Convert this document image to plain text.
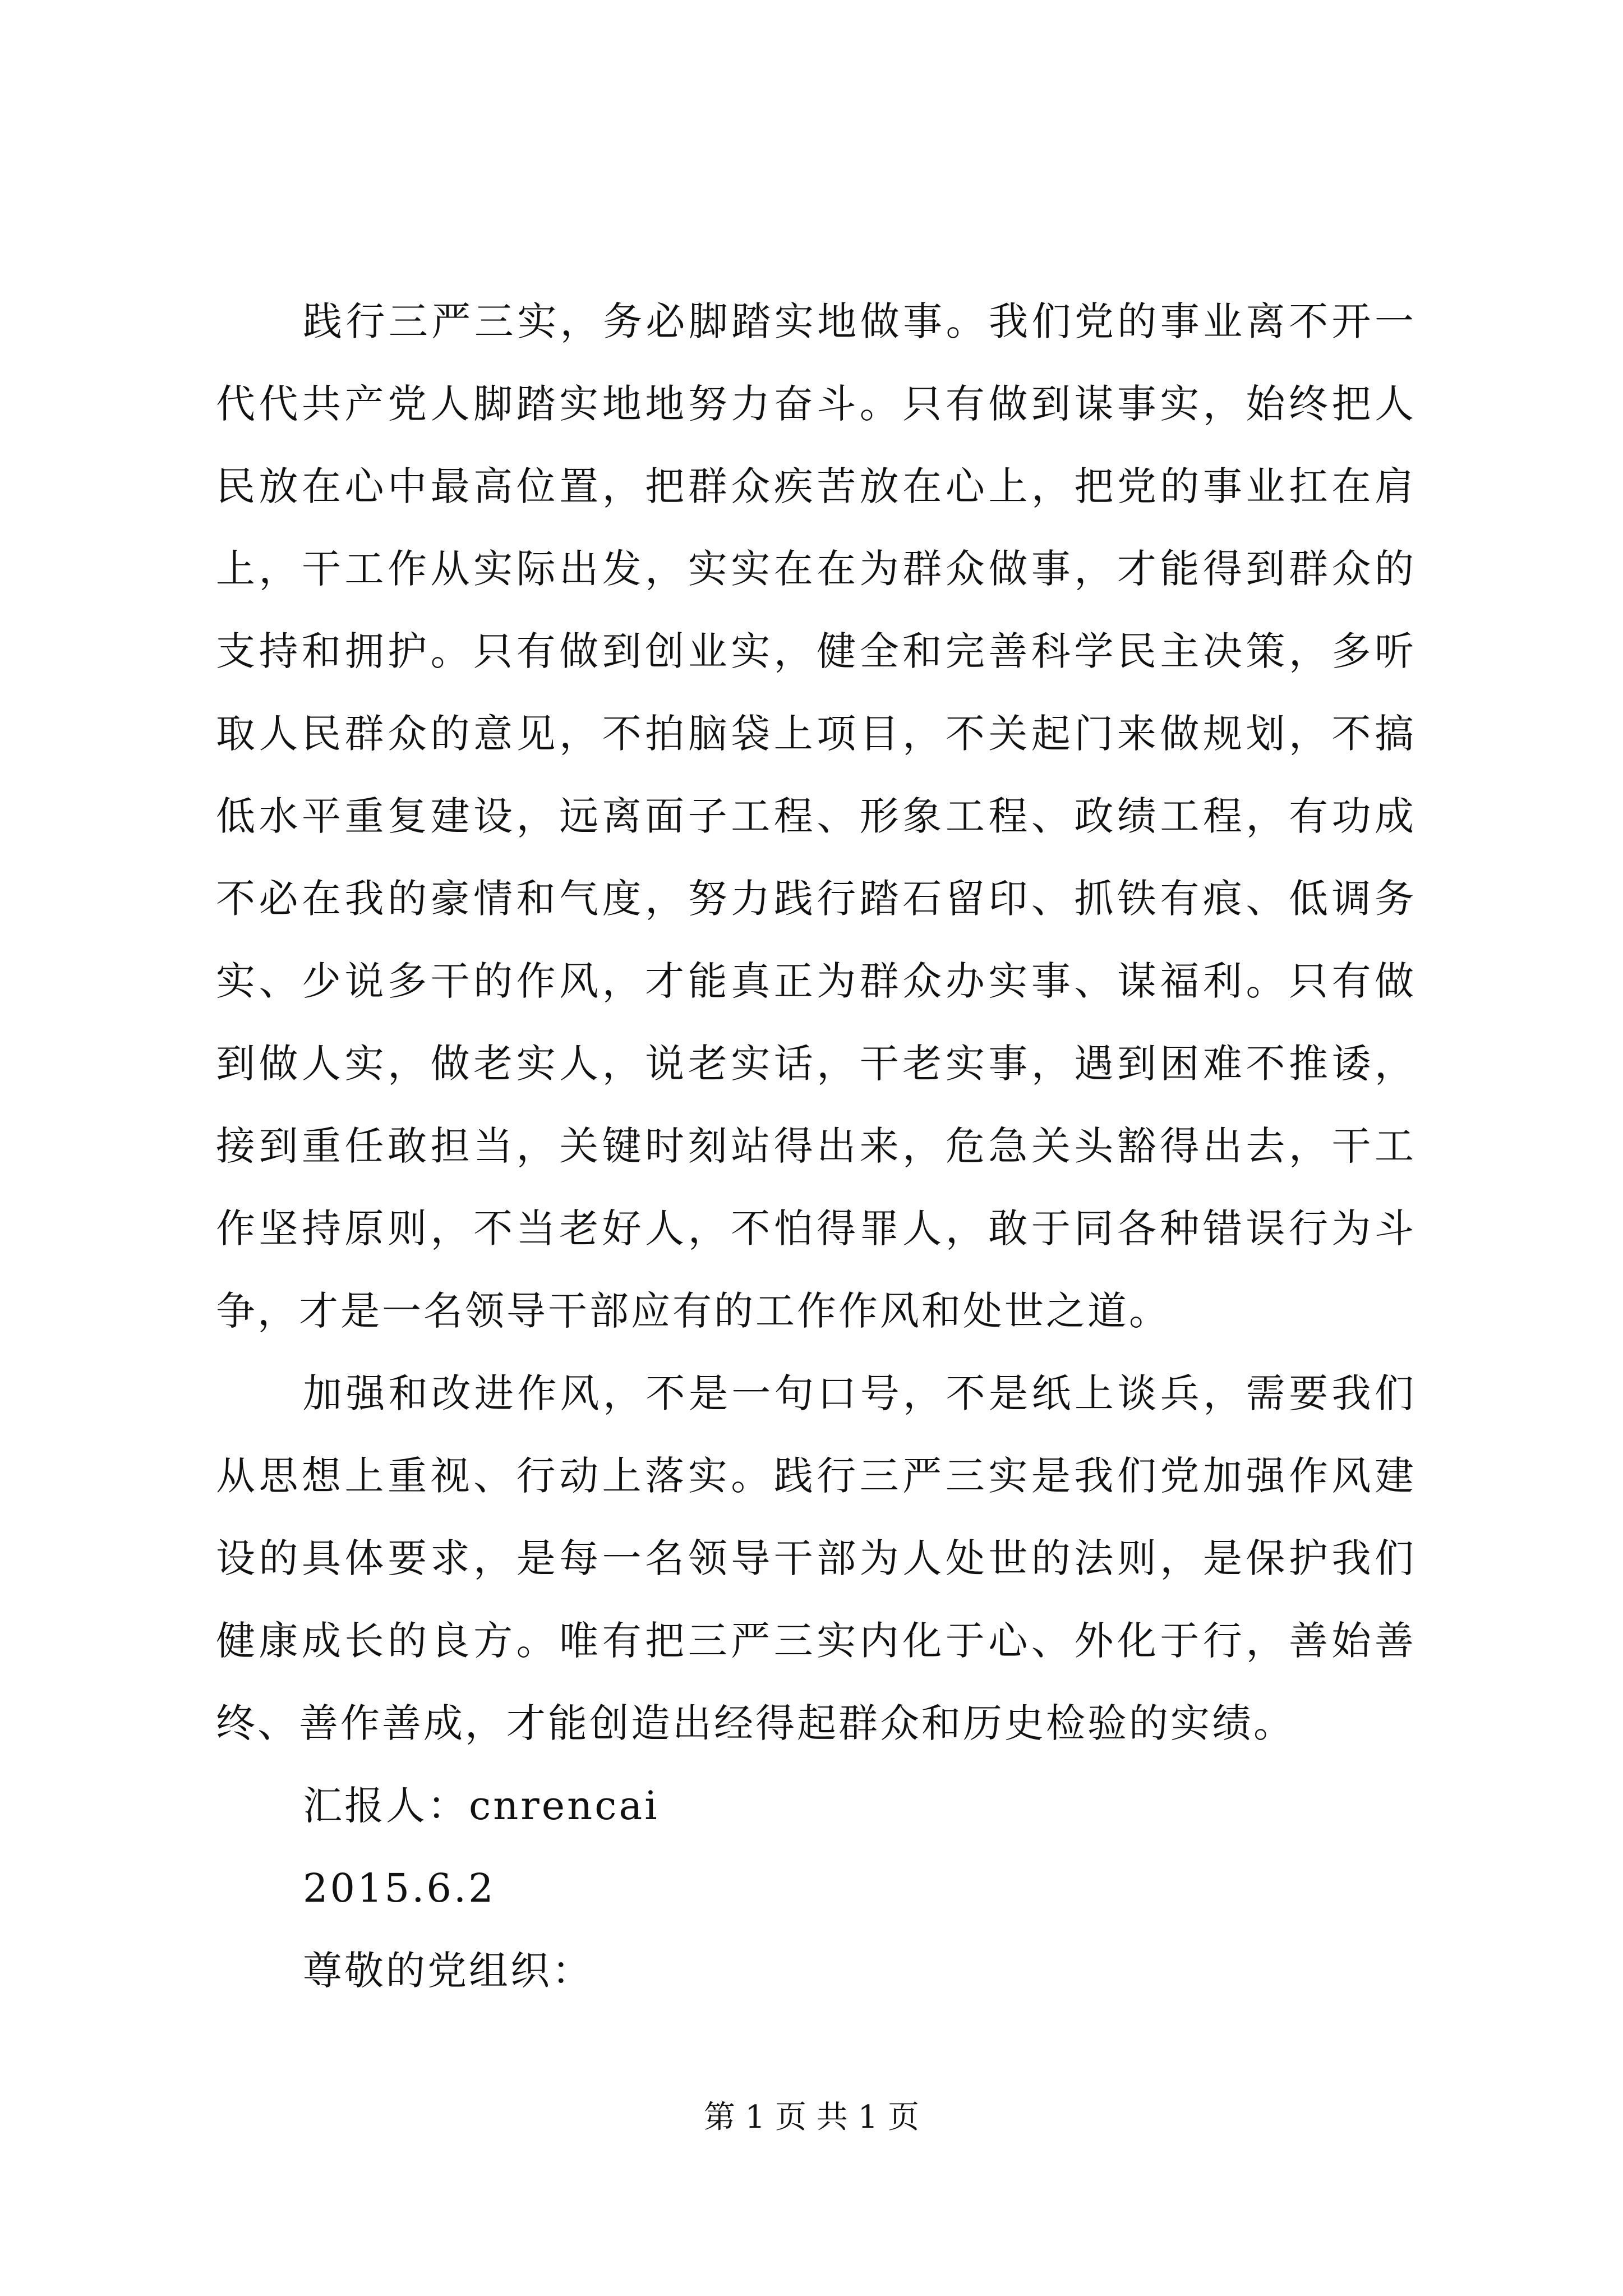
践行三严三实，务必脚踏实地做事。我们党的事业离不开一代代共产党人脚踏实地地努力奋斗。只有做到谋事实，始终把人民放在心中最高位置，把群众疾苦放在心上，把党的事业扛在肩上，干工作从实际出发，实实在在为群众做事，才能得到群众的支持和拥护。只有做到创业实，健全和完善科学民主决策，多听取人民群众的意见，不拍脑袋上项目，不关起门来做规划，不搞低水平重复建设，远离面子工程、形象工程、政绩工程，有功成不必在我的豪情和气度，努力践行踏石留印、抓铁有痕、低调务实、少说多干的作风，才能真正为群众办实事、谋福利。只有做到做人实，做老实人，说老实话，干老实事，遇到困难不推诿，接到重任敢担当，关键时刻站得出来，危急关头豁得出去，干工作坚持原则，不当老好人，不怕得罪人，敢于同各种错误行为斗争，才是一名领导干部应有的工作作风和处世之道。

加强和改进作风，不是一句口号，不是纸上谈兵，需要我们从思想上重视、行动上落实。践行三严三实是我们党加强作风建设的具体要求，是每一名领导干部为人处世的法则，是保护我们健康成长的良方。唯有把三严三实内化于心、外化于行，善始善终、善作善成，才能创造出经得起群众和历史检验的实绩。

汇报人：cnrencai

2015.6.2

尊敬的党组织：

第 1 页 共 1 页
